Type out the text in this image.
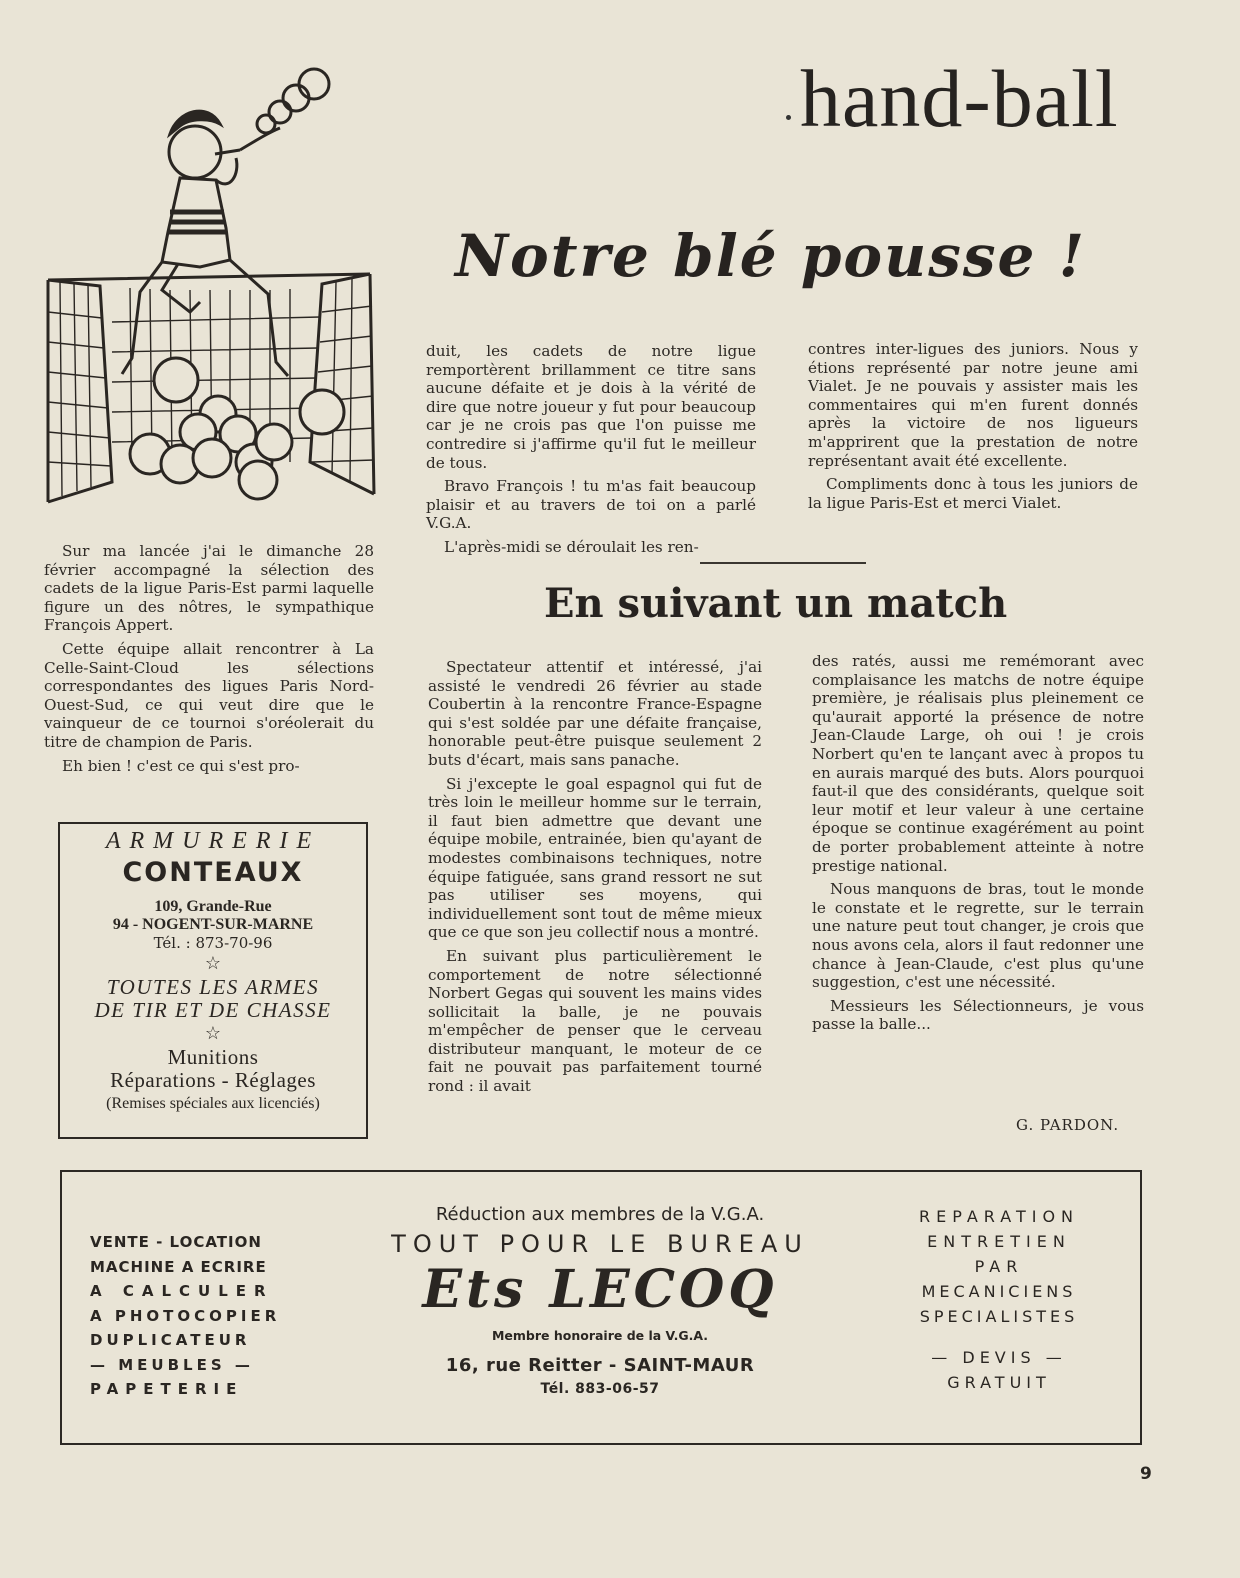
hand-ball
Notre blé pousse !

Sur ma lancée j'ai le dimanche 28 février accompagné la sélection des cadets de la ligue Paris-Est parmi laquelle figure un des nôtres, le sympathique François Appert.

Cette équipe allait rencontrer à La Celle-Saint-Cloud les sélections correspondantes des ligues Paris Nord-Ouest-Sud, ce qui veut dire que le vainqueur de ce tournoi s'oréolerait du titre de champion de Paris.

Eh bien ! c'est ce qui s'est pro-

duit, les cadets de notre ligue remportèrent brillamment ce titre sans aucune défaite et je dois à la vérité de dire que notre joueur y fut pour beaucoup car je ne crois pas que l'on puisse me contredire si j'affirme qu'il fut le meilleur de tous.

Bravo François ! tu m'as fait beaucoup plaisir et au travers de toi on a parlé V.G.A.

L'après-midi se déroulait les ren-

contres inter-ligues des juniors. Nous y étions représenté par notre jeune ami Vialet. Je ne pouvais y assister mais les commentaires qui m'en furent donnés après la victoire de nos ligueurs m'apprirent que la prestation de notre représentant avait été excellente.

Compliments donc à tous les juniors de la ligue Paris-Est et merci Vialet.

En suivant un match

Spectateur attentif et intéressé, j'ai assisté le vendredi 26 février au stade Coubertin à la rencontre France-Espagne qui s'est soldée par une défaite française, honorable peut-être puisque seulement 2 buts d'écart, mais sans panache.

Si j'excepte le goal espagnol qui fut de très loin le meilleur homme sur le terrain, il faut bien admettre que devant une équipe mobile, entrainée, bien qu'ayant de modestes combinaisons techniques, notre équipe fatiguée, sans grand ressort ne sut pas utiliser ses moyens, qui individuellement sont tout de même mieux que ce que son jeu collectif nous a montré.

En suivant plus particulièrement le comportement de notre sélectionné Norbert Gegas qui souvent les mains vides sollicitait la balle, je ne pouvais m'empêcher de penser que le cerveau distributeur manquant, le moteur de ce fait ne pouvait pas parfaitement tourné rond : il avait

des ratés, aussi me remémorant avec complaisance les matchs de notre équipe première, je réalisais plus pleinement ce qu'aurait apporté la présence de notre Jean-Claude Large, oh oui ! je crois Norbert qu'en te lançant avec à propos tu en aurais marqué des buts. Alors pourquoi faut-il que des considérants, quelque soit leur motif et leur valeur à une certaine époque se continue exagérément au point de porter probablement atteinte à notre prestige national.

Nous manquons de bras, tout le monde le constate et le regrette, sur le terrain une nature peut tout changer, je crois que nous avons cela, alors il faut redonner une chance à Jean-Claude, c'est plus qu'une suggestion, c'est une nécessité.

Messieurs les Sélectionneurs, je vous passe la balle...

G. PARDON.
ARMURERIE
CONTEAUX
109, Grande-Rue
94 - NOGENT-SUR-MARNE
Tél. : 873-70-96
☆
TOUTES LES ARMES
DE TIR ET DE CHASSE
☆
Munitions
Réparations - Réglages
(Remises spéciales aux licenciés)
VENTE - LOCATION
MACHINE A ECRIRE
A CALCULER
A PHOTOCOPIER
DUPLICATEUR
— MEUBLES —
PAPETERIE
Réduction aux membres de la V.G.A.
TOUT POUR LE BUREAU
Ets LECOQ
Membre honoraire de la V.G.A.
16, rue Reitter - SAINT-MAUR
Tél. 883-06-57
REPARATION
ENTRETIEN
PAR
MECANICIENS
SPECIALISTES
— DEVIS —
GRATUIT
9
